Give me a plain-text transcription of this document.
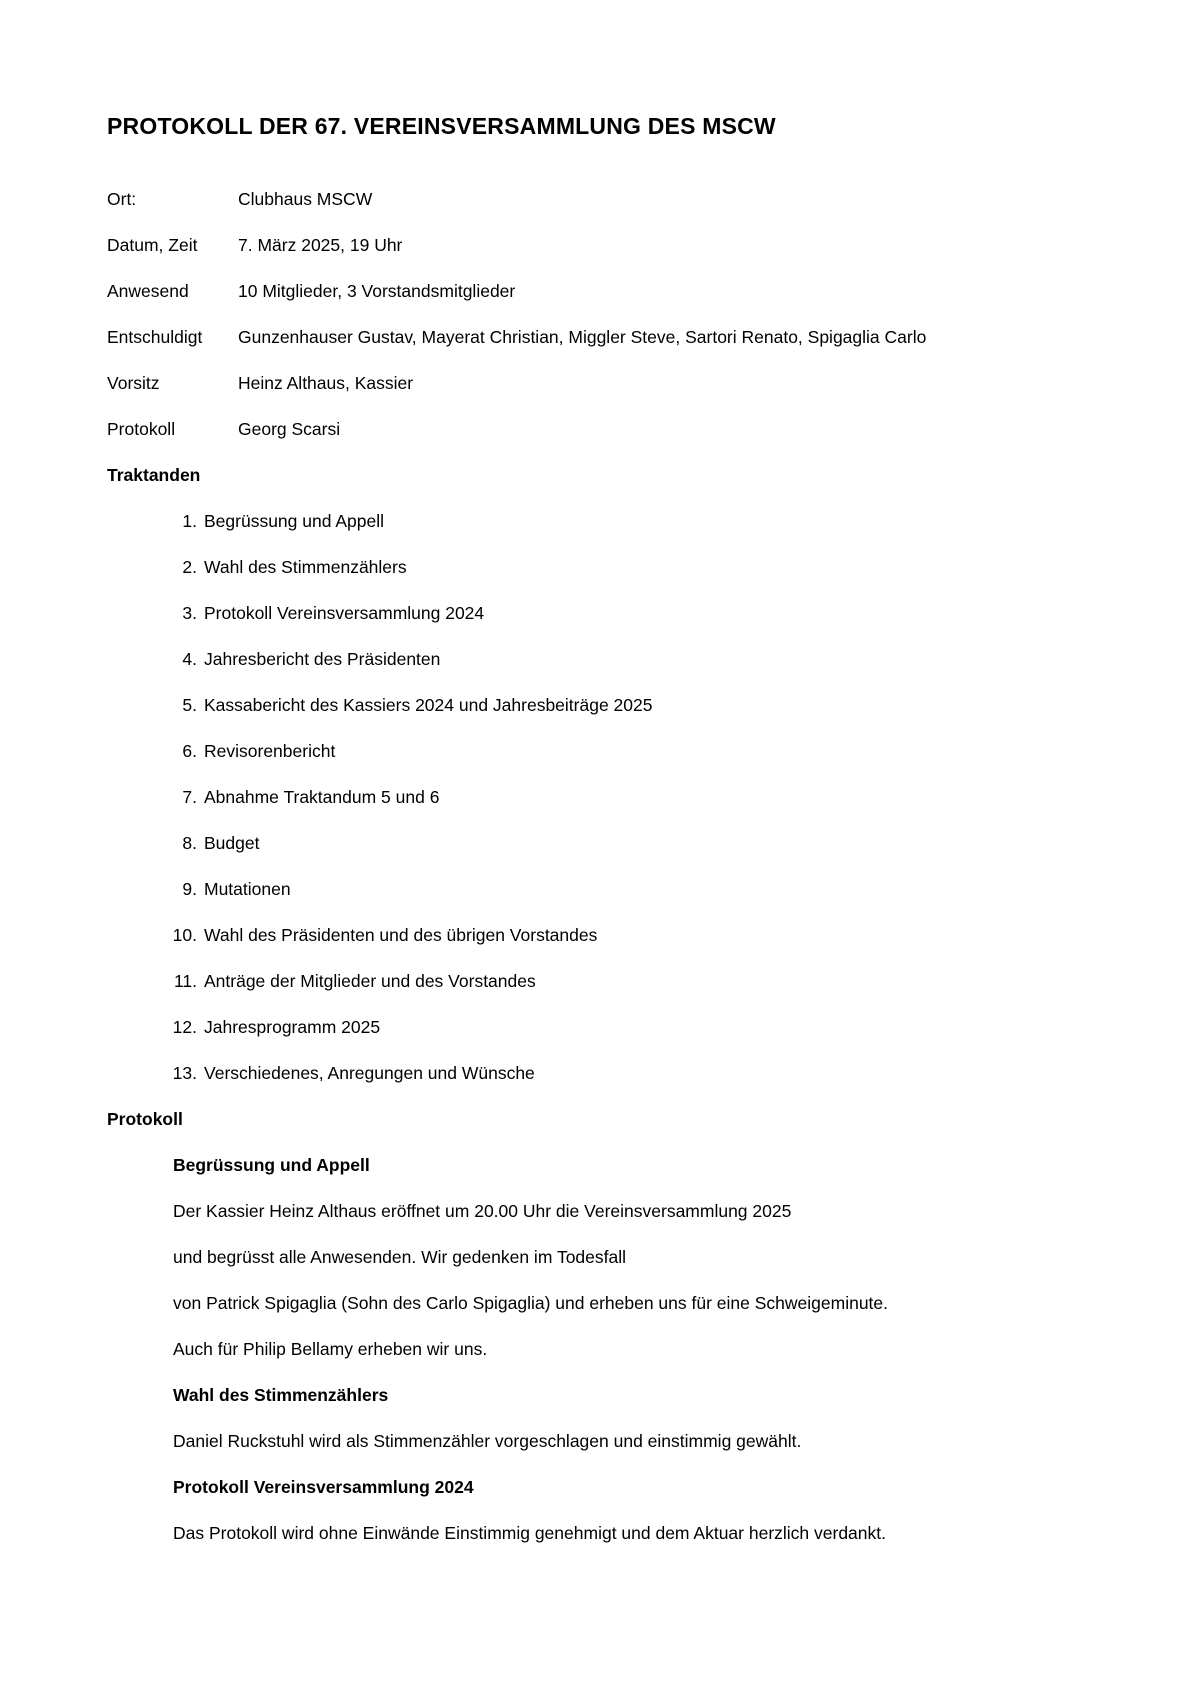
PROTOKOLL DER 67. VEREINSVERSAMMLUNG DES MSCW
Ort:	Clubhaus MSCW
Datum, Zeit	7. März 2025, 19 Uhr
Anwesend	10 Mitglieder, 3 Vorstandsmitglieder
Entschuldigt	Gunzenhauser Gustav, Mayerat Christian, Miggler Steve, Sartori Renato, Spigaglia Carlo
Vorsitz	Heinz Althaus, Kassier
Protokoll	Georg Scarsi
Traktanden
1. Begrüssung und Appell
2. Wahl des Stimmenzählers
3. Protokoll Vereinsversammlung 2024
4. Jahresbericht des Präsidenten
5. Kassabericht des Kassiers 2024 und Jahresbeiträge 2025
6. Revisorenbericht
7. Abnahme Traktandum 5 und 6
8. Budget
9. Mutationen
10. Wahl des Präsidenten und des übrigen Vorstandes
11. Anträge der Mitglieder und des Vorstandes
12. Jahresprogramm 2025
13. Verschiedenes, Anregungen und Wünsche
Protokoll
Begrüssung und Appell
Der Kassier Heinz Althaus eröffnet um 20.00 Uhr die Vereinsversammlung 2025
und begrüsst alle Anwesenden. Wir gedenken im Todesfall
von Patrick Spigaglia (Sohn des Carlo Spigaglia) und erheben uns für eine Schweigeminute.
Auch für Philip Bellamy erheben wir uns.
Wahl des Stimmenzählers
Daniel Ruckstuhl wird als Stimmenzähler vorgeschlagen und einstimmig gewählt.
Protokoll Vereinsversammlung 2024
Das Protokoll wird ohne Einwände Einstimmig genehmigt und dem Aktuar herzlich verdankt.
